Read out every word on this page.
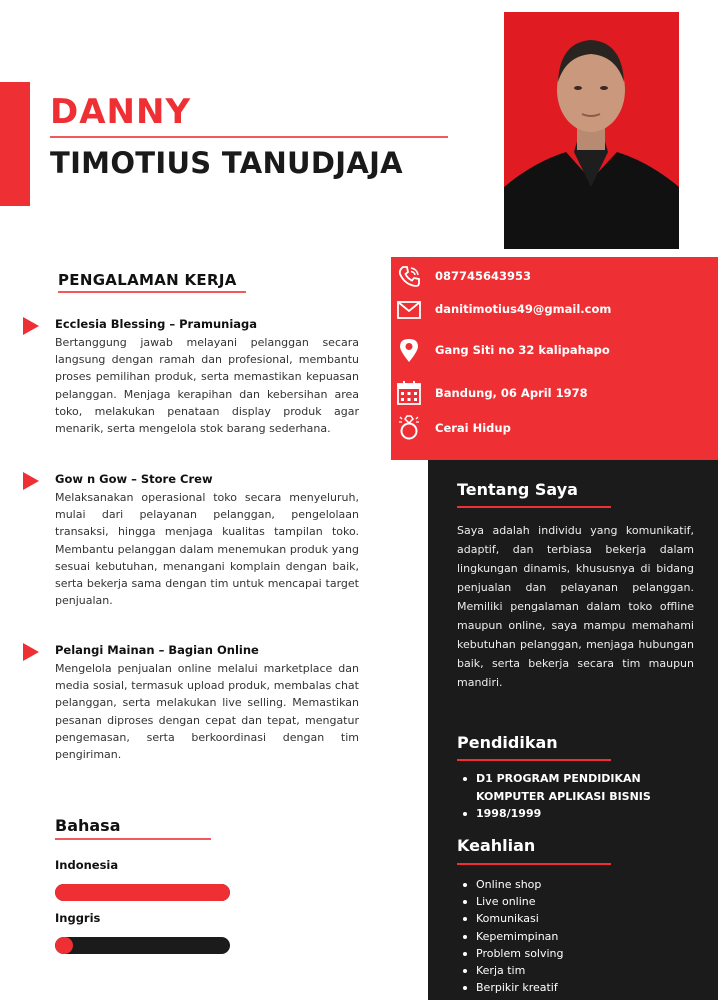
DANNY
TIMOTIUS TANUDJAJA
PENGALAMAN KERJA
Ecclesia Blessing – Pramuniaga
Bertanggung jawab melayani pelanggan secara langsung dengan ramah dan profesional, membantu proses pemilihan produk, serta memastikan kepuasan pelanggan. Menjaga kerapihan dan kebersihan area toko, melakukan penataan display produk agar menarik, serta mengelola stok barang sederhana.
Gow n Gow – Store Crew
Melaksanakan operasional toko secara menyeluruh, mulai dari pelayanan pelanggan, pengelolaan transaksi, hingga menjaga kualitas tampilan toko. Membantu pelanggan dalam menemukan produk yang sesuai kebutuhan, menangani komplain dengan baik, serta bekerja sama dengan tim untuk mencapai target penjualan.
Pelangi Mainan – Bagian Online
Mengelola penjualan online melalui marketplace dan media sosial, termasuk upload produk, membalas chat pelanggan, serta melakukan live selling. Memastikan pesanan diproses dengan cepat dan tepat, mengatur pengemasan, serta berkoordinasi dengan tim pengiriman.
Bahasa
Indonesia
Inggris
087745643953
danitimotius49@gmail.com
Gang Siti no 32 kalipahapo
Bandung, 06 April 1978
Cerai Hidup
Tentang Saya
Saya adalah individu yang komunikatif, adaptif, dan terbiasa bekerja dalam lingkungan dinamis, khususnya di bidang penjualan dan pelayanan pelanggan. Memiliki pengalaman dalam toko offline maupun online, saya mampu memahami kebutuhan pelanggan, menjaga hubungan baik, serta bekerja secara tim maupun mandiri.
Pendidikan
D1 PROGRAM PENDIDIKAN KOMPUTER APLIKASI BISNIS
1998/1999
Keahlian
Online shop
Live online
Komunikasi
Kepemimpinan
Problem solving
Kerja tim
Berpikir kreatif
